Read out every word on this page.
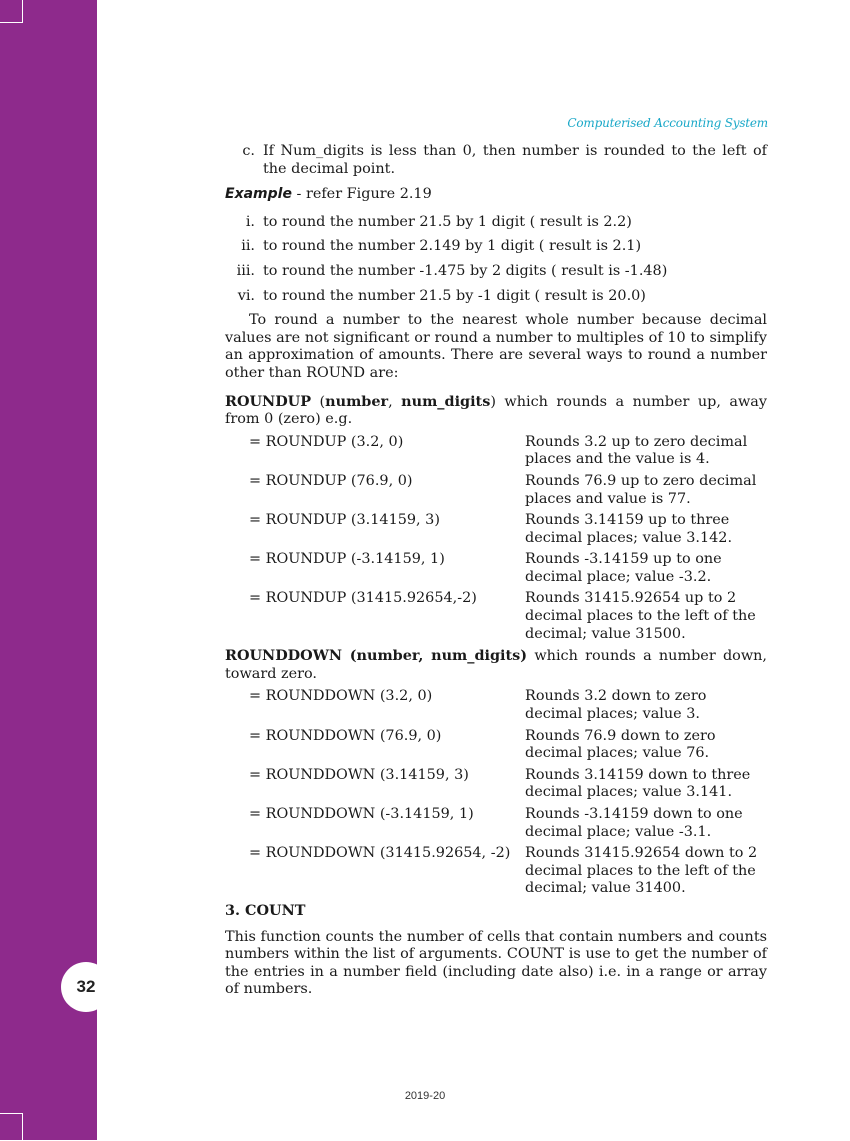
32
Computerised Accounting System
c. If Num_digits is less than 0, then number is rounded to the left of the decimal point.
Example - refer Figure 2.19
i. to round the number 21.5 by 1 digit ( result is 2.2)
ii. to round the number 2.149 by 1 digit ( result is 2.1)
iii. to round the number -1.475 by 2 digits ( result is -1.48)
vi. to round the number 21.5 by -1 digit ( result is 20.0)
To round a number to the nearest whole number because decimal values are not significant or round a number to multiples of 10 to simplify an approximation of amounts. There are several ways to round a number other than ROUND are:
ROUNDUP (number, num_digits) which rounds a number up, away from 0 (zero) e.g.
= ROUNDUP (3.2, 0)	Rounds 3.2 up to zero decimal places and the value is 4.
= ROUNDUP (76.9, 0)	Rounds 76.9 up to zero decimal places and value is 77.
= ROUNDUP (3.14159, 3)	Rounds 3.14159 up to three decimal places; value 3.142.
= ROUNDUP (-3.14159, 1)	Rounds -3.14159 up to one decimal place; value -3.2.
= ROUNDUP (31415.92654,-2)	Rounds 31415.92654 up to 2 decimal places to the left of the decimal; value 31500.
ROUNDDOWN (number, num_digits) which rounds a number down, toward zero.
= ROUNDDOWN (3.2, 0)	Rounds 3.2 down to zero decimal places; value 3.
= ROUNDDOWN (76.9, 0)	Rounds 76.9 down to zero decimal places; value 76.
= ROUNDDOWN (3.14159, 3)	Rounds 3.14159 down to three decimal places; value 3.141.
= ROUNDDOWN (-3.14159, 1)	Rounds -3.14159 down to one decimal place; value -3.1.
= ROUNDDOWN (31415.92654, -2)	Rounds 31415.92654 down to 2 decimal places to the left of the decimal; value 31400.
3. COUNT
This function counts the number of cells that contain numbers and counts numbers within the list of arguments. COUNT is use to get the number of the entries in a number field (including date also) i.e. in a range or array of numbers.
2019-20
